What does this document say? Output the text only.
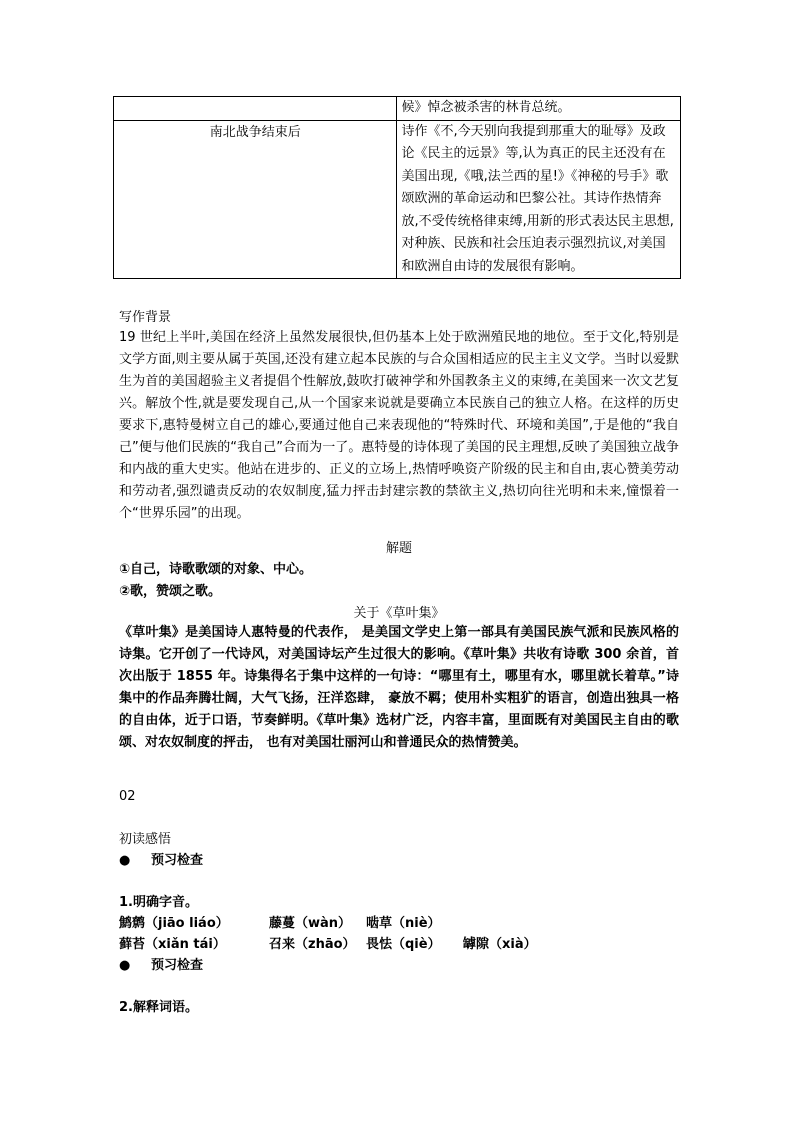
	候》悼念被杀害的林肯总统。
南北战争结束后	诗作《不,今天别向我提到那重大的耻辱》及政论《民主的远景》等,认为真正的民主还没有在美国出现,《哦,法兰西的星!》《神秘的号手》歌颂欧洲的革命运动和巴黎公社。其诗作热情奔放,不受传统格律束缚,用新的形式表达民主思想,对种族、民族和社会压迫表示强烈抗议,对美国和欧洲自由诗的发展很有影响。
写作背景
19 世纪上半叶,美国在经济上虽然发展很快,但仍基本上处于欧洲殖民地的地位。至于文化,特别是文学方面,则主要从属于英国,还没有建立起本民族的与合众国相适应的民主主义文学。当时以爱默生为首的美国超验主义者提倡个性解放,鼓吹打破神学和外国教条主义的束缚,在美国来一次文艺复兴。解放个性,就是要发现自己,从一个国家来说就是要确立本民族自己的独立人格。在这样的历史要求下,惠特曼树立自己的雄心,要通过他自己来表现他的“特殊时代、环境和美国”,于是他的“我自己”便与他们民族的“我自己”合而为一了。惠特曼的诗体现了美国的民主理想,反映了美国独立战争和内战的重大史实。他站在进步的、正义的立场上,热情呼唤资产阶级的民主和自由,衷心赞美劳动和劳动者,强烈谴责反动的农奴制度,猛力抨击封建宗教的禁欲主义,热切向往光明和未来,憧憬着一个“世界乐园”的出现。
解题
①自己，诗歌歌颂的对象、中心。
②歌，赞颂之歌。
关于《草叶集》
《草叶集》是美国诗人惠特曼的代表作， 是美国文学史上第一部具有美国民族气派和民族风格的诗集。它开创了一代诗风，对美国诗坛产生过很大的影响。《草叶集》共收有诗歌 300 余首，首次出版于 1855 年。诗集得名于集中这样的一句诗：“哪里有土，哪里有水，哪里就长着草。”诗集中的作品奔腾壮阔，大气飞扬，汪洋恣肆， 豪放不羁；使用朴实粗犷的语言，创造出独具一格的自由体，近于口语，节奏鲜明。《草叶集》选材广泛，内容丰富，里面既有对美国民主自由的歌颂、对农奴制度的抨击， 也有对美国壮丽河山和普通民众的热情赞美。
02
初读感悟
● 预习检查
1.明确字音。
鹪鹩（jiāo liáo）	藤蔓（wàn） 啮草（niè）
藓苔（xiǎn tái）	召来（zhāo） 畏怯（qiè） 罅隙（xià）
● 预习检查
2.解释词语。
